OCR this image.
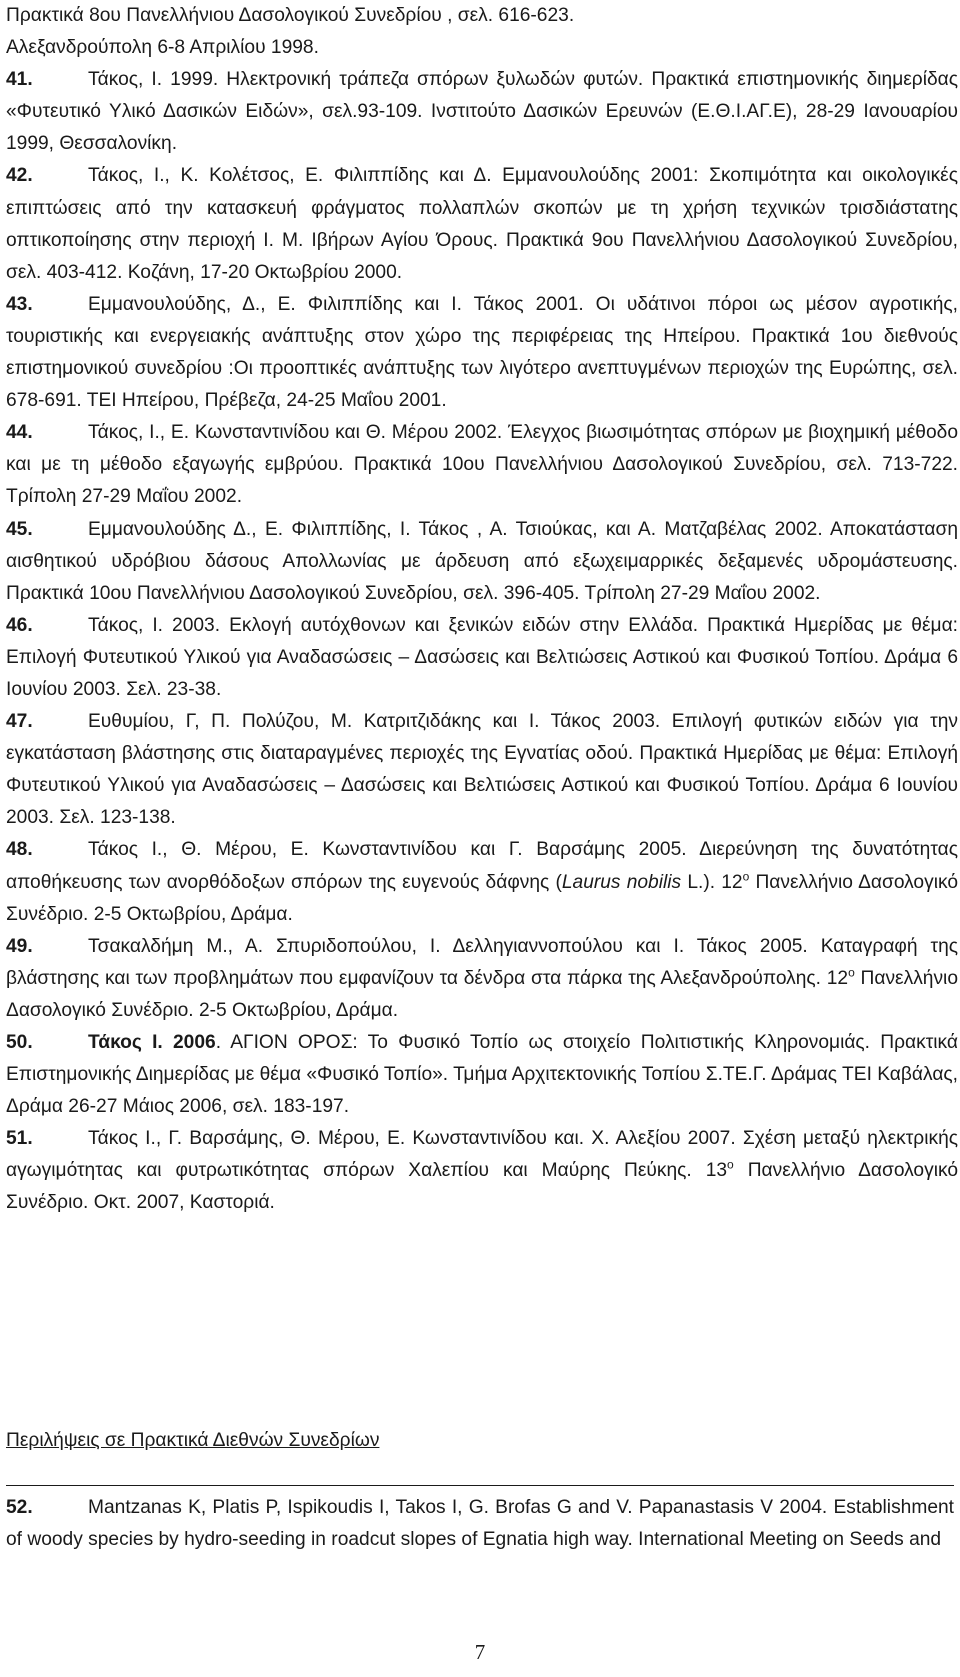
Πρακτικά 8ου Πανελλήνιου Δασολογικού Συνεδρίου , σελ. 616-623.
Αλεξανδρούπολη 6-8 Απριλίου 1998.

41.	Τάκος, Ι. 1999. Ηλεκτρονική τράπεζα σπόρων ξυλωδών φυτών. Πρακτικά επιστημονικής διημερίδας «Φυτευτικό Υλικό Δασικών Ειδών», σελ.93-109. Ινστιτούτο Δασικών Ερευνών (Ε.Θ.Ι.ΑΓ.Ε), 28-29 Ιανουαρίου 1999, Θεσσαλονίκη.

42.	Τάκος, Ι., Κ. Κολέτσος, Ε. Φιλιππίδης και Δ. Εμμανουλούδης 2001: Σκοπιμότητα και οικολογικές επιπτώσεις από την κατασκευή φράγματος πολλαπλών σκοπών με τη χρήση τεχνικών τρισδιάστατης οπτικοποίησης στην περιοχή Ι. Μ. Ιβήρων Αγίου Όρους. Πρακτικά 9ου Πανελλήνιου Δασολογικού Συνεδρίου, σελ. 403-412. Κοζάνη, 17-20 Οκτωβρίου 2000.

43.	Εμμανουλούδης, Δ., Ε. Φιλιππίδης και Ι. Τάκος 2001. Οι υδάτινοι πόροι ως μέσον αγροτικής, τουριστικής και ενεργειακής ανάπτυξης στον χώρο της περιφέρειας της Ηπείρου. Πρακτικά 1ου διεθνούς επιστημονικού συνεδρίου :Οι προοπτικές ανάπτυξης των λιγότερο ανεπτυγμένων περιοχών της Ευρώπης, σελ. 678-691. ΤΕΙ Ηπείρου, Πρέβεζα, 24-25 Μαΐου 2001.

44.	Τάκος, Ι., Ε. Κωνσταντινίδου και Θ. Μέρου 2002. Έλεγχος βιωσιμότητας σπόρων με βιοχημική μέθοδο και με τη μέθοδο εξαγωγής εμβρύου. Πρακτικά 10ου Πανελλήνιου Δασολογικού Συνεδρίου, σελ. 713-722. Τρίπολη 27-29 Μαΐου 2002.

45.	Εμμανουλούδης Δ., Ε. Φιλιππίδης, Ι. Τάκος , Α. Τσιούκας, και Α. Ματζαβέλας 2002. Αποκατάσταση αισθητικού υδρόβιου δάσους Απολλωνίας με άρδευση από εξωχειμαρρικές δεξαμενές υδρομάστευσης. Πρακτικά 10ου Πανελλήνιου Δασολογικού Συνεδρίου, σελ. 396-405. Τρίπολη 27-29 Μαΐου 2002.

46.	Τάκος, Ι. 2003. Εκλογή αυτόχθονων και ξενικών ειδών στην Ελλάδα. Πρακτικά Ημερίδας με θέμα: Επιλογή Φυτευτικού Υλικού για Αναδασώσεις – Δασώσεις και Βελτιώσεις Αστικού και Φυσικού Τοπίου. Δράμα 6 Ιουνίου 2003. Σελ. 23-38.

47.	Ευθυμίου, Γ, Π. Πολύζου, Μ. Κατριτζιδάκης και Ι. Τάκος 2003. Επιλογή φυτικών ειδών για την εγκατάσταση βλάστησης στις διαταραγμένες περιοχές της Εγνατίας οδού. Πρακτικά Ημερίδας με θέμα: Επιλογή Φυτευτικού Υλικού για Αναδασώσεις – Δασώσεις και Βελτιώσεις Αστικού και Φυσικού Τοπίου. Δράμα 6 Ιουνίου 2003. Σελ. 123-138.

48.	Τάκος Ι., Θ. Μέρου, Ε. Κωνσταντινίδου και Γ. Βαρσάμης 2005. Διερεύνηση της δυνατότητας αποθήκευσης των ανορθόδοξων σπόρων της ευγενούς δάφνης (Laurus nobilis L.). $12^o$ Πανελλήνιο Δασολογικό Συνέδριο. 2-5 Οκτωβρίου, Δράμα.

49.	Τσακαλδήμη Μ., Α. Σπυριδοπούλου, Ι. Δελληγιαννοπούλου και Ι. Τάκος 2005. Καταγραφή της βλάστησης και των προβλημάτων που εμφανίζουν τα δένδρα στα πάρκα της Αλεξανδρούπολης. $12^o$ Πανελλήνιο Δασολογικό Συνέδριο. 2-5 Οκτωβρίου, Δράμα.

50.	Τάκος Ι. 2006. ΑΓΙΟΝ ΟΡΟΣ: Το Φυσικό Τοπίο ως στοιχείο Πολιτιστικής Κληρονομιάς. Πρακτικά Επιστημονικής Διημερίδας με θέμα «Φυσικό Τοπίο». Τμήμα Αρχιτεκτονικής Τοπίου Σ.ΤΕ.Γ. Δράμας ΤΕΙ Καβάλας, Δράμα 26-27 Μάιος 2006, σελ. 183-197.

51.	Τάκος Ι., Γ. Βαρσάμης, Θ. Μέρου, Ε. Κωνσταντινίδου και. Χ. Αλεξίου 2007. Σχέση μεταξύ ηλεκτρικής αγωγιμότητας και φυτρωτικότητας σπόρων Χαλεπίου και Μαύρης Πεύκης. $13^o$ Πανελλήνιο Δασολογικό Συνέδριο. Οκτ. 2007, Καστοριά.

Περιλήψεις σε Πρακτικά Διεθνών Συνεδρίων

52.	Mantzanas K, Platis P, Ispikoudis I, Takos I, G. Brofas G and V. Papanastasis V 2004. Establishment of woody species by hydro-seeding in roadcut slopes of Egnatia high way. International Meeting on Seeds and

7
